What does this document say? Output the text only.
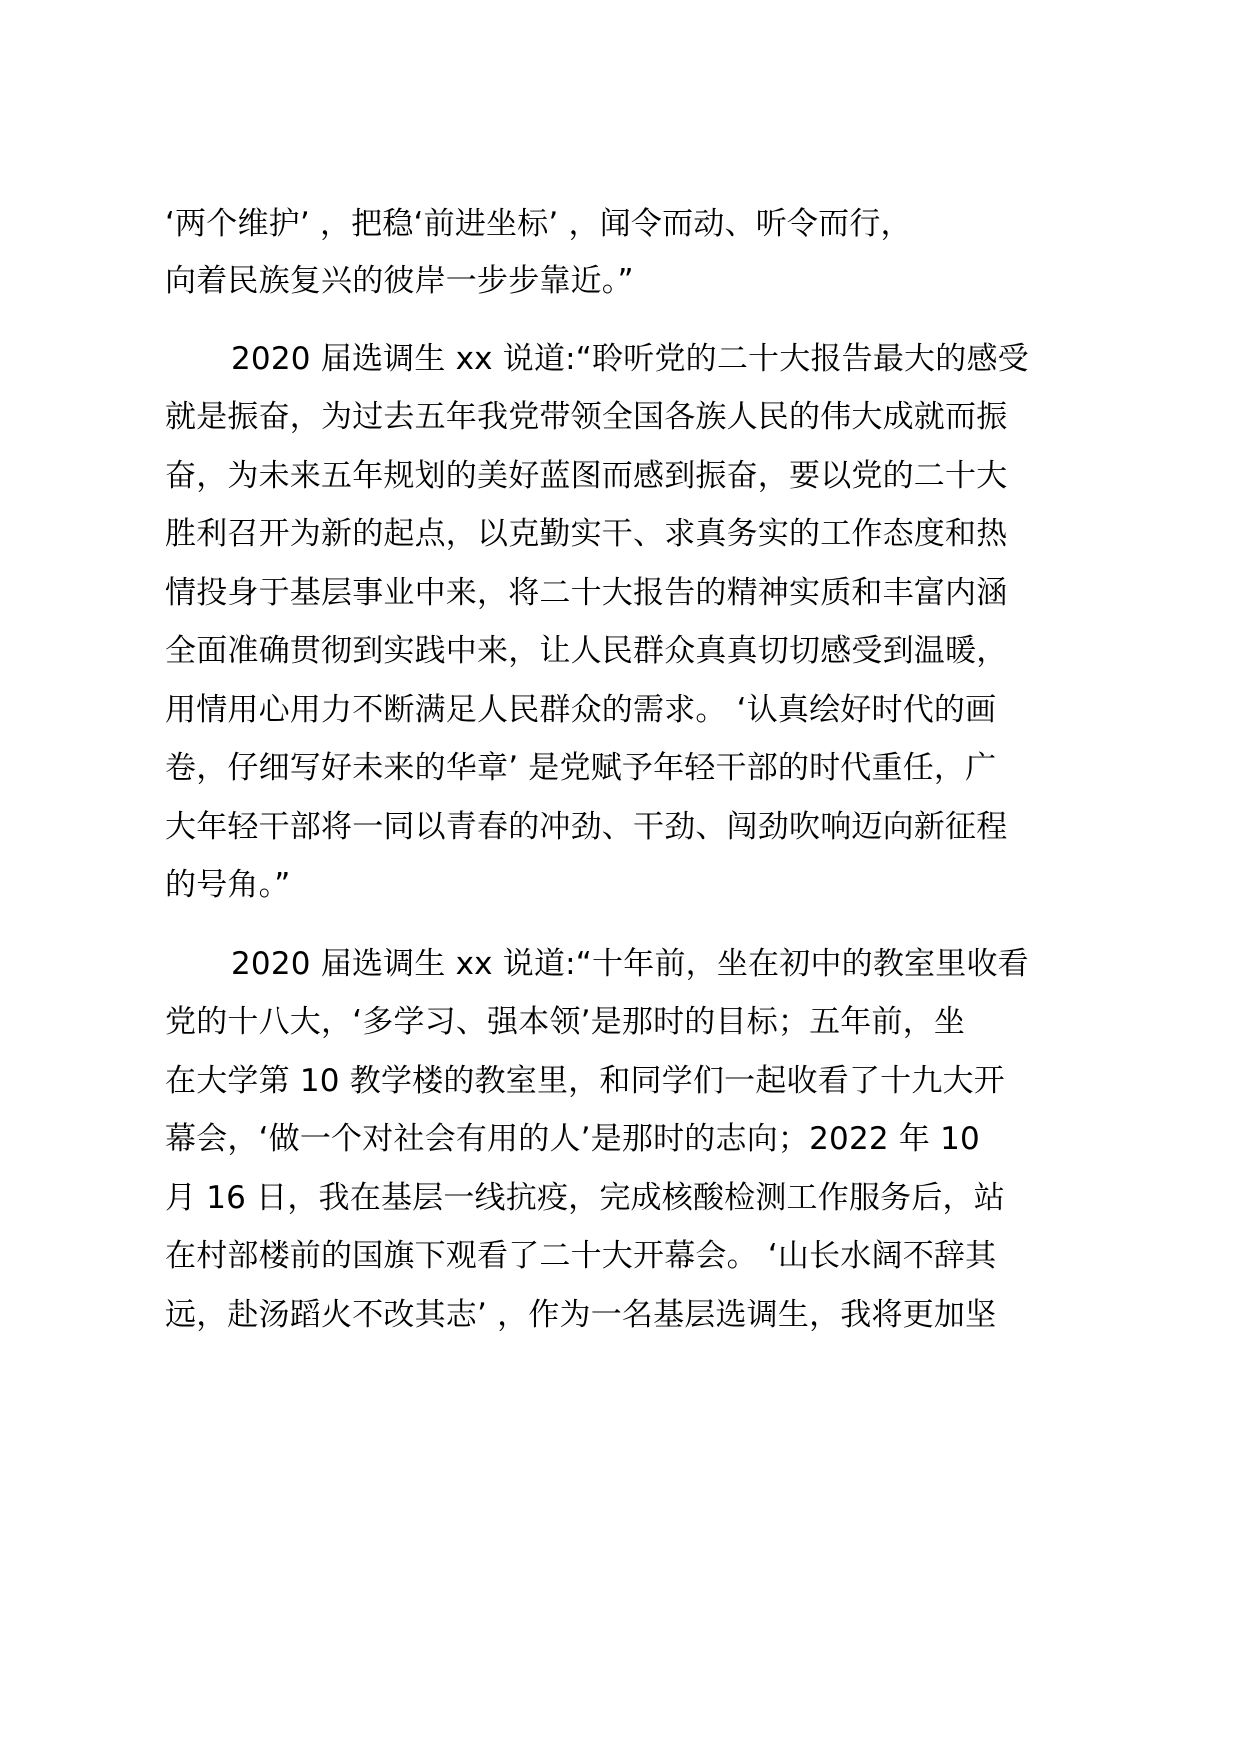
‘两个维护’ ，把稳‘前进坐标’ ，闻令而动、听令而行，
向着民族复兴的彼岸一步步靠近。”
2020 届选调生 xx 说道:“聆听党的二十大报告最大的感受
就是振奋，为过去五年我党带领全国各族人民的伟大成就而振
奋，为未来五年规划的美好蓝图而感到振奋，要以党的二十大
胜利召开为新的起点，以克勤实干、求真务实的工作态度和热
情投身于基层事业中来，将二十大报告的精神实质和丰富内涵
全面准确贯彻到实践中来，让人民群众真真切切感受到温暖，
用情用心用力不断满足人民群众的需求。 ‘认真绘好时代的画
卷，仔细写好未来的华章’ 是党赋予年轻干部的时代重任，广
大年轻干部将一同以青春的冲劲、干劲、闯劲吹响迈向新征程
的号角。”
2020 届选调生 xx 说道:“十年前，坐在初中的教室里收看
党的十八大，‘多学习、强本领’是那时的目标；五年前，坐
在大学第 10 教学楼的教室里，和同学们一起收看了十九大开
幕会，‘做一个对社会有用的人’是那时的志向；2022 年 10
月 16 日，我在基层一线抗疫，完成核酸检测工作服务后，站
在村部楼前的国旗下观看了二十大开幕会。 ‘山长水阔不辞其
远，赴汤蹈火不改其志’ ，作为一名基层选调生，我将更加坚
